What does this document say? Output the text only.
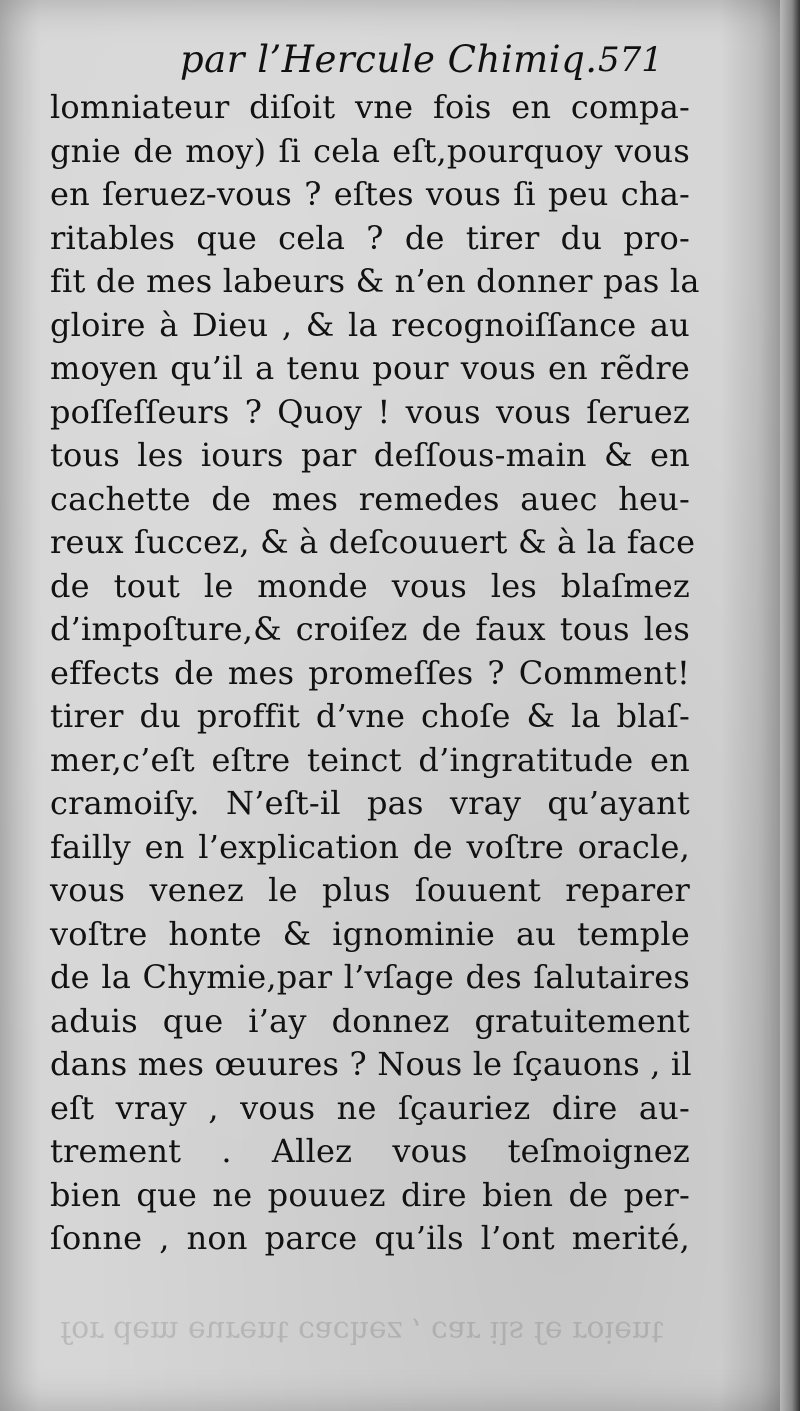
par l’Hercule Chimiq. 571
lomniateur diſoit vne fois en compa-
gnie de moy) ſi cela eſt,pourquoy vous
en ſeruez-vous ? eſtes vous ſi peu cha-
ritables que cela ? de tirer du pro-
fit de mes labeurs & n’en donner pas la
gloire à Dieu , & la recognoiſſance au
moyen qu’il a tenu pour vous en rẽdre
poſſeſſeurs ? Quoy ! vous vous ſeruez
tous les iours par deſſous-main & en
cachette de mes remedes auec heu-
reux ſuccez, & à deſcouuert & à la face
de tout le monde vous les blaſmez
d’impoſture,& croiſez de faux tous les
effects de mes promeſſes ? Comment!
tirer du proffit d’vne choſe & la blaſ-
mer,c’eſt eſtre teinct d’ingratitude en
cramoiſy. N’eſt-il pas vray qu’ayant
failly en l’explication de voſtre oracle,
vous venez le plus ſouuent reparer
voſtre honte & ignominie au temple
de la Chymie,par l’vſage des ſalutaires
aduis que i’ay donnez gratuitement
dans mes œuures ? Nous le ſçauons , il
eſt vray , vous ne ſçauriez dire au-
trement . Allez vous teſmoignez
bien que ne pouuez dire bien de per-
ſonne , non parce qu’ils l’ont merité,
for dem eurent cachez , car ils ſe roient
